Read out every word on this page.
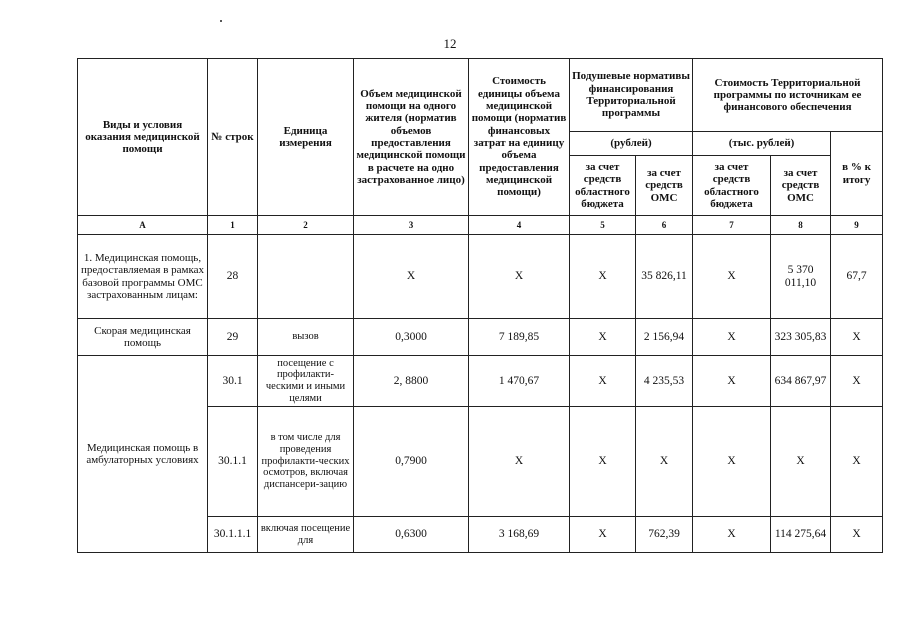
12
Виды и условия оказания медицинской помощи	№ строк	Единица измерения	Объем медицинской помощи на одного жителя (норматив объемов предоставления медицинской помощи в расчете на одно застрахованное лицо)	Стоимость единицы объема медицинской помощи (норматив финансовых затрат на единицу объема предоставления медицинской помощи)	Подушевые нормативы финансирования Территориальной программы		Стоимость Территориальной программы по источникам ее финансового обеспечения		
					(рублей)		(тыс. рублей)		в % к итогу
					за счет средств областного бюджета	за счет средств ОМС	за счет средств областного бюджета	за счет средств ОМС	
А	1	2	3	4	5	6	7	8	9
1. Медицинская помощь, предоставляемая в рамках базовой программы ОМС застрахованным лицам:	28		Х	Х	Х	35 826,11	Х	5 370 011,10	67,7
Скорая медицинская помощь	29	вызов	0,3000	7 189,85	Х	2 156,94	Х	323 305,83	Х
Медицинская помощь в амбулаторных условиях	30.1	посещение с профилакти-ческими и иными целями	2, 8800	1 470,67	Х	4 235,53	Х	634 867,97	Х
	30.1.1	в том числе для проведения профилакти-ческих осмотров, включая диспансери-зацию	0,7900	Х	Х	Х	Х	Х	Х
	30.1.1.1	включая посещение для	0,6300	3 168,69	Х	762,39	Х	114 275,64	Х
